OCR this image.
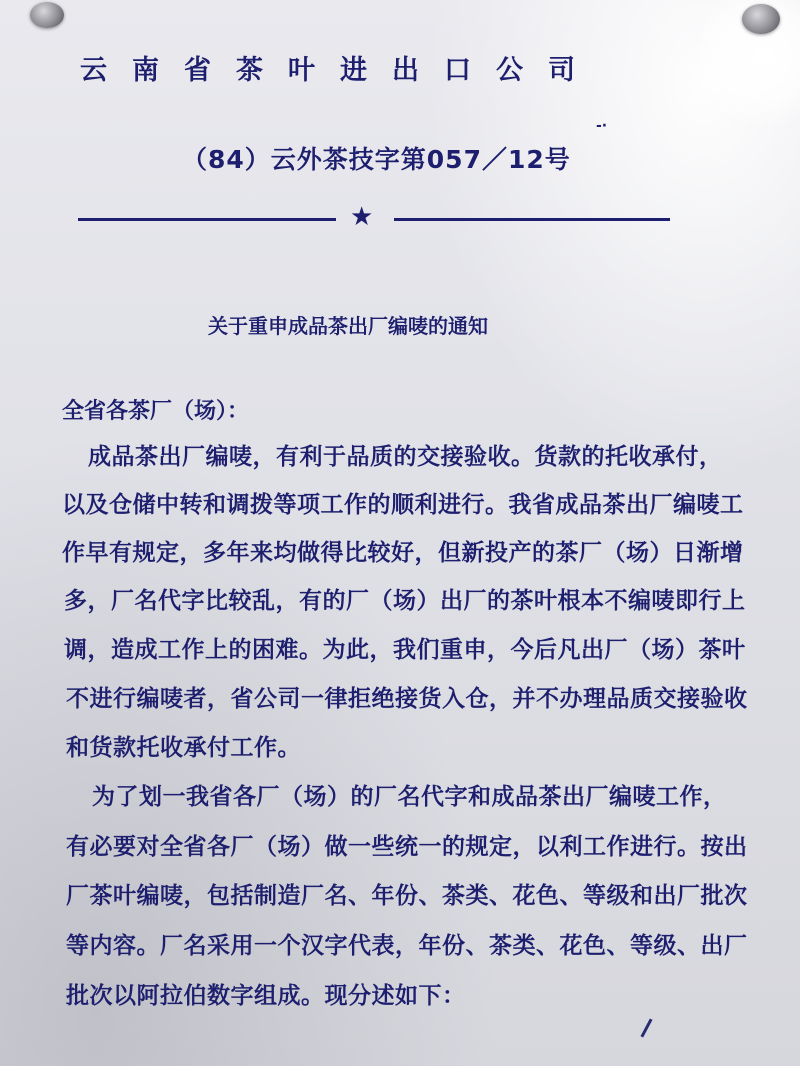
云南省茶叶进出口公司
-·
（84）云外茶技字第057／12号
★
关于重申成品茶出厂编唛的通知
全省各茶厂（场）：
成品茶出厂编唛，有利于品质的交接验收。货款的托收承付，
以及仓储中转和调拨等项工作的顺利进行。我省成品茶出厂编唛工
作早有规定，多年来均做得比较好，但新投产的茶厂（场）日渐增
多，厂名代字比较乱，有的厂（场）出厂的茶叶根本不编唛即行上
调，造成工作上的困难。为此，我们重申，今后凡出厂（场）茶叶
不进行编唛者，省公司一律拒绝接货入仓，并不办理品质交接验收
和货款托收承付工作。
为了划一我省各厂（场）的厂名代字和成品茶出厂编唛工作，
有必要对全省各厂（场）做一些统一的规定，以利工作进行。按出
厂茶叶编唛，包括制造厂名、年份、茶类、花色、等级和出厂批次
等内容。厂名采用一个汉字代表，年份、茶类、花色、等级、出厂
批次以阿拉伯数字组成。现分述如下：
